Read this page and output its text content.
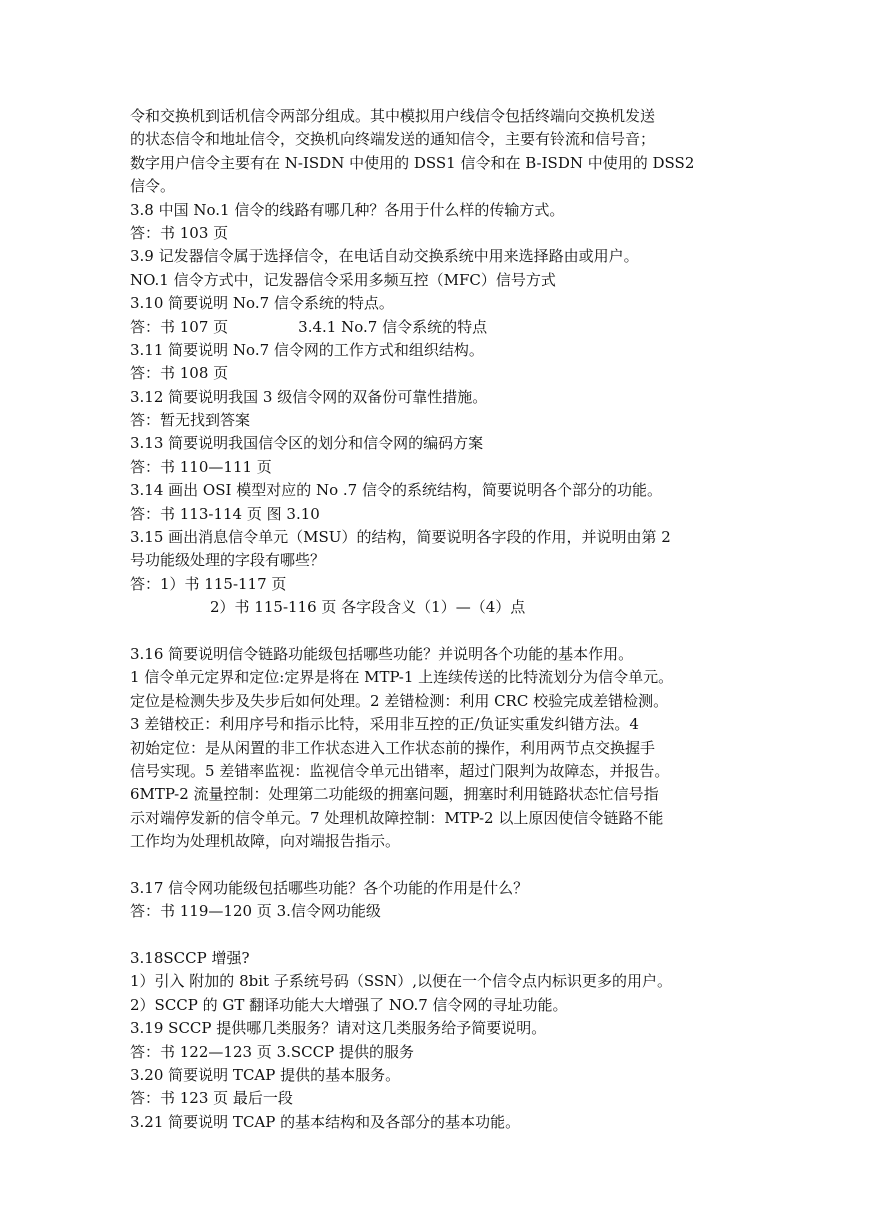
令和交换机到话机信令两部分组成。其中模拟用户线信令包括终端向交换机发送
的状态信令和地址信令，交换机向终端发送的通知信令，主要有铃流和信号音；
数字用户信令主要有在 N-ISDN 中使用的 DSS1 信令和在 B-ISDN 中使用的 DSS2
信令。
3.8 中国 No.1 信令的线路有哪几种？各用于什么样的传输方式。
答：书 103 页
3.9 记发器信令属于选择信令，在电话自动交换系统中用来选择路由或用户。
NO.1 信令方式中，记发器信令采用多频互控（MFC）信号方式
3.10 简要说明 No.7 信令系统的特点。
答：书 107 页	3.4.1 No.7 信令系统的特点
3.11 简要说明 No.7 信令网的工作方式和组织结构。
答：书 108 页
3.12 简要说明我国 3 级信令网的双备份可靠性措施。
答：暂无找到答案
3.13 简要说明我国信令区的划分和信令网的编码方案
答：书 110—111 页
3.14 画出 OSI 模型对应的 No .7 信令的系统结构，简要说明各个部分的功能。
答：书 113-114 页 图 3.10
3.15 画出消息信令单元（MSU）的结构，简要说明各字段的作用，并说明由第 2
号功能级处理的字段有哪些？
答：1）书 115-117 页
2）书 115-116 页 各字段含义（1）—（4）点
3.16 简要说明信令链路功能级包括哪些功能？并说明各个功能的基本作用。
1 信令单元定界和定位:定界是将在 MTP-1 上连续传送的比特流划分为信令单元。
定位是检测失步及失步后如何处理。2 差错检测：利用 CRC 校验完成差错检测。
3 差错校正：利用序号和指示比特，采用非互控的正/负证实重发纠错方法。4
初始定位：是从闲置的非工作状态进入工作状态前的操作，利用两节点交换握手
信号实现。5 差错率监视：监视信令单元出错率，超过门限判为故障态，并报告。
6MTP-2 流量控制：处理第二功能级的拥塞问题，拥塞时利用链路状态忙信号指
示对端停发新的信令单元。7 处理机故障控制：MTP-2 以上原因使信令链路不能
工作均为处理机故障，向对端报告指示。
3.17 信令网功能级包括哪些功能？各个功能的作用是什么？
答：书 119—120 页 3.信令网功能级
3.18SCCP 增强?
1）引入 附加的 8bit 子系统号码（SSN）,以便在一个信令点内标识更多的用户。
2）SCCP 的 GT 翻译功能大大增强了 NO.7 信令网的寻址功能。
3.19 SCCP 提供哪几类服务？请对这几类服务给予简要说明。
答：书 122—123 页 3.SCCP 提供的服务
3.20 简要说明 TCAP 提供的基本服务。
答：书 123 页 最后一段
3.21 简要说明 TCAP 的基本结构和及各部分的基本功能。
